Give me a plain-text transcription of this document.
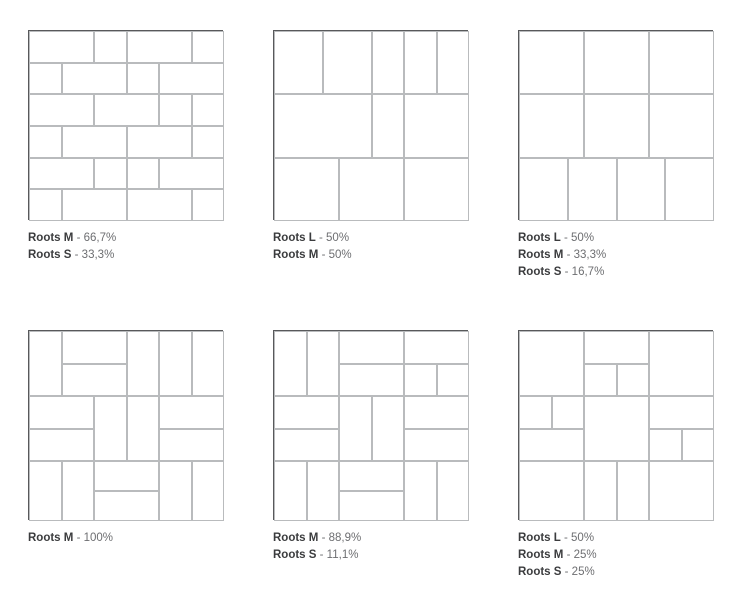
Roots M - 66,7%
Roots S - 33,3%
Roots L - 50%
Roots M - 50%
Roots L - 50%
Roots M - 33,3%
Roots S - 16,7%
Roots M - 100%	Roots M - 88,9%
Roots S - 11,1%
Roots L - 50%
Roots M - 25%
Roots S - 25%
